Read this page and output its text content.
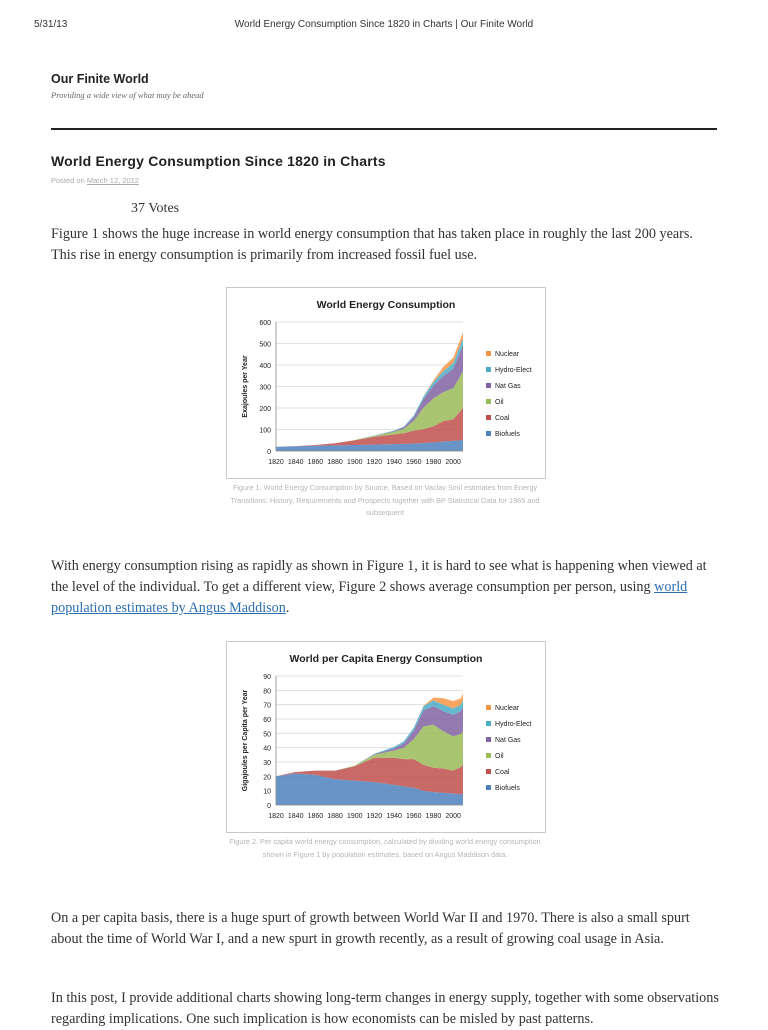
5/31/13	World Energy Consumption Since 1820 in Charts | Our Finite World
Our Finite World
Providing a wide view of what may be ahead
World Energy Consumption Since 1820 in Charts
Posted on March 12, 2012
37 Votes

Figure 1 shows the huge increase in world energy consumption that has taken place in roughly the last 200 years. This rise in energy consumption is primarily from increased fossil fuel use.

World Energy Consumption
0
100
200
300
400
500
600
Exajoules per Year
1820 1840 1860 1880 1900 1920 1940 1960 1980 2000
Nuclear
Hydro-Elect
Nat Gas
Oil
Coal
Biofuels
Figure 1. World Energy Consumption by Source, Based on Vaclav Smil estimates from Energy Transitions: History, Requirements and Prospects together with BP Statistical Data for 1965 and subsequent

With energy consumption rising as rapidly as shown in Figure 1, it is hard to see what is happening when viewed at the level of the individual. To get a different view, Figure 2 shows average consumption per person, using world population estimates by Angus Maddison.

World per Capita Energy Consumption
0
10
20
30
40
50
60
70
80
90
Gigajoules per Capita per Year
1820 1840 1860 1880 1900 1920 1940 1960 1980 2000
Nuclear
Hydro-Elect
Nat Gas
Oil
Coal
Biofuels
Figure 2. Per capita world energy consumption, calculated by dividing world energy consumption shown in Figure 1 by population estimates, based on Angus Maddison data.

On a per capita basis, there is a huge spurt of growth between World War II and 1970. There is also a small spurt about the time of World War I, and a new spurt in growth recently, as a result of growing coal usage in Asia.

In this post, I provide additional charts showing long-term changes in energy supply, together with some observations regarding implications. One such implication is how economists can be misled by past patterns.
